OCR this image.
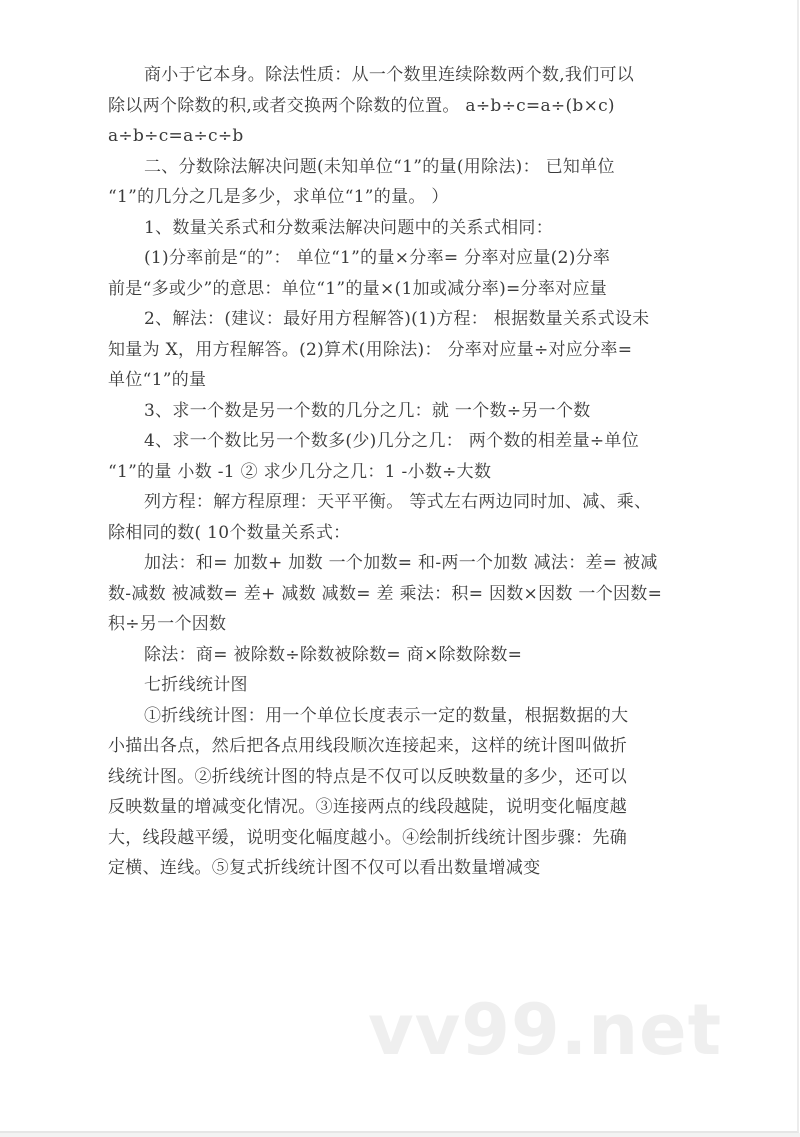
商小于它本身。除法性质：从一个数里连续除数两个数,我们可以
除以两个除数的积,或者交换两个除数的位置。 a÷b÷c=a÷(b×c)
a÷b÷c=a÷c÷b
二、分数除法解决问题(未知单位“1”的量(用除法)： 已知单位
“1”的几分之几是多少，求单位“1”的量。 ）
1、数量关系式和分数乘法解决问题中的关系式相同：
(1)分率前是“的”： 单位“1”的量×分率= 分率对应量(2)分率
前是“多或少”的意思：单位“1”的量×(1加或减分率)=分率对应量
2、解法：(建议：最好用方程解答)(1)方程： 根据数量关系式设未
知量为 X，用方程解答。(2)算术(用除法)： 分率对应量÷对应分率=
单位“1”的量
3、求一个数是另一个数的几分之几：就 一个数÷另一个数
4、求一个数比另一个数多(少)几分之几： 两个数的相差量÷单位
“1”的量 小数 -1 ② 求少几分之几：1 -小数÷大数
列方程：解方程原理：天平平衡。 等式左右两边同时加、减、乘、
除相同的数( 10个数量关系式：
加法：和= 加数+ 加数 一个加数= 和-两一个加数 减法：差= 被减
数-减数 被减数= 差+ 减数 减数= 差 乘法：积= 因数×因数 一个因数=
积÷另一个因数
除法：商= 被除数÷除数被除数= 商×除数除数=
七折线统计图
①折线统计图：用一个单位长度表示一定的数量，根据数据的大
小描出各点，然后把各点用线段顺次连接起来，这样的统计图叫做折
线统计图。②折线统计图的特点是不仅可以反映数量的多少，还可以
反映数量的增减变化情况。③连接两点的线段越陡，说明变化幅度越
大，线段越平缓，说明变化幅度越小。④绘制折线统计图步骤：先确
定横、连线。⑤复式折线统计图不仅可以看出数量增减变
vv99.net
